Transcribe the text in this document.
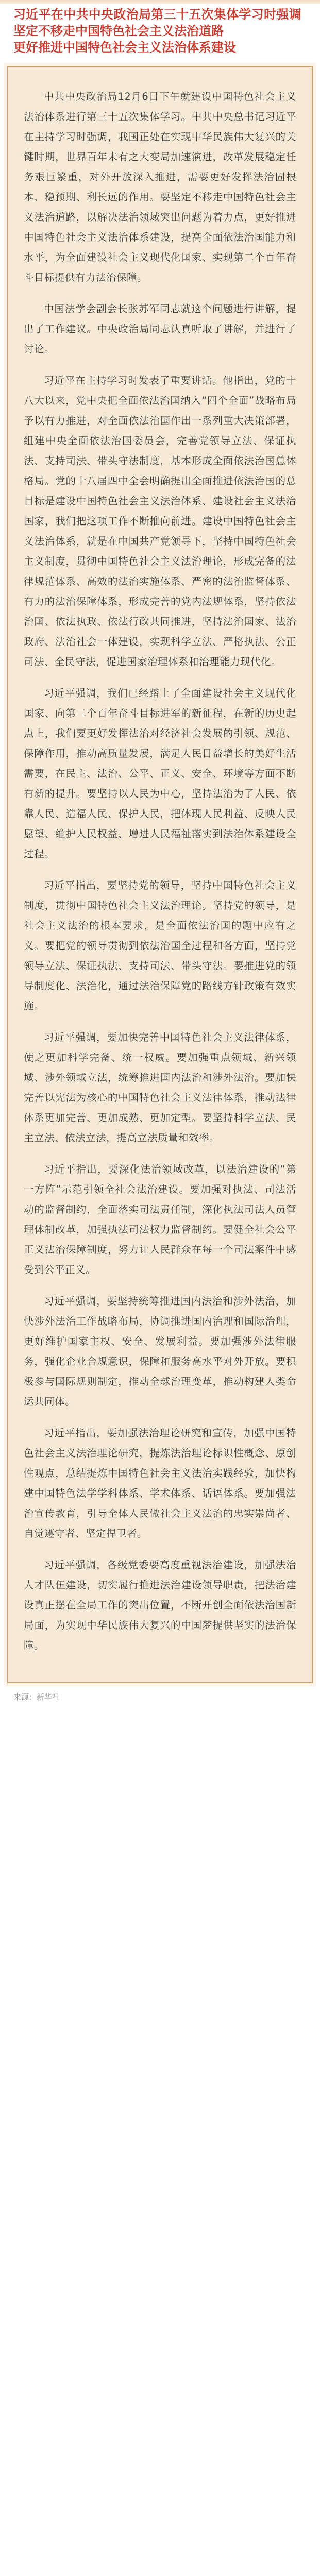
习近平在中共中央政治局第三十五次集体学习时强调
坚定不移走中国特色社会主义法治道路
更好推进中国特色社会主义法治体系建设

中共中央政治局12月6日下午就建设中国特色社会主义法治体系进行第三十五次集体学习。中共中央总书记习近平在主持学习时强调，我国正处在实现中华民族伟大复兴的关键时期，世界百年未有之大变局加速演进，改革发展稳定任务艰巨繁重，对外开放深入推进，需要更好发挥法治固根本、稳预期、利长远的作用。要坚定不移走中国特色社会主义法治道路，以解决法治领域突出问题为着力点，更好推进中国特色社会主义法治体系建设，提高全面依法治国能力和水平，为全面建设社会主义现代化国家、实现第二个百年奋斗目标提供有力法治保障。

中国法学会副会长张苏军同志就这个问题进行讲解，提出了工作建议。中央政治局同志认真听取了讲解，并进行了讨论。

习近平在主持学习时发表了重要讲话。他指出，党的十八大以来，党中央把全面依法治国纳入“四个全面”战略布局予以有力推进，对全面依法治国作出一系列重大决策部署，组建中央全面依法治国委员会，完善党领导立法、保证执法、支持司法、带头守法制度，基本形成全面依法治国总体格局。党的十八届四中全会明确提出全面推进依法治国的总目标是建设中国特色社会主义法治体系、建设社会主义法治国家，我们把这项工作不断推向前进。建设中国特色社会主义法治体系，就是在中国共产党领导下，坚持中国特色社会主义制度，贯彻中国特色社会主义法治理论，形成完备的法律规范体系、高效的法治实施体系、严密的法治监督体系、有力的法治保障体系，形成完善的党内法规体系，坚持依法治国、依法执政、依法行政共同推进，坚持法治国家、法治政府、法治社会一体建设，实现科学立法、严格执法、公正司法、全民守法，促进国家治理体系和治理能力现代化。

习近平强调，我们已经踏上了全面建设社会主义现代化国家、向第二个百年奋斗目标进军的新征程，在新的历史起点上，我们要更好发挥法治对经济社会发展的引领、规范、保障作用，推动高质量发展，满足人民日益增长的美好生活需要，在民主、法治、公平、正义、安全、环境等方面不断有新的提升。要坚持以人民为中心，坚持法治为了人民、依靠人民、造福人民、保护人民，把体现人民利益、反映人民愿望、维护人民权益、增进人民福祉落实到法治体系建设全过程。

习近平指出，要坚持党的领导，坚持中国特色社会主义制度，贯彻中国特色社会主义法治理论。坚持党的领导，是社会主义法治的根本要求，是全面依法治国的题中应有之义。要把党的领导贯彻到依法治国全过程和各方面，坚持党领导立法、保证执法、支持司法、带头守法。要推进党的领导制度化、法治化，通过法治保障党的路线方针政策有效实施。

习近平强调，要加快完善中国特色社会主义法律体系，使之更加科学完备、统一权威。要加强重点领域、新兴领域、涉外领域立法，统筹推进国内法治和涉外法治。要加快完善以宪法为核心的中国特色社会主义法律体系，推动法律体系更加完善、更加成熟、更加定型。要坚持科学立法、民主立法、依法立法，提高立法质量和效率。

习近平指出，要深化法治领域改革，以法治建设的“第一方阵”示范引领全社会法治建设。要加强对执法、司法活动的监督制约，全面落实司法责任制，深化执法司法人员管理体制改革，加强执法司法权力监督制约。要健全社会公平正义法治保障制度，努力让人民群众在每一个司法案件中感受到公平正义。

习近平强调，要坚持统筹推进国内法治和涉外法治，加快涉外法治工作战略布局，协调推进国内治理和国际治理，更好维护国家主权、安全、发展利益。要加强涉外法律服务，强化企业合规意识，保障和服务高水平对外开放。要积极参与国际规则制定，推动全球治理变革，推动构建人类命运共同体。

习近平指出，要加强法治理论研究和宣传，加强中国特色社会主义法治理论研究，提炼法治理论标识性概念、原创性观点，总结提炼中国特色社会主义法治实践经验，加快构建中国特色法学学科体系、学术体系、话语体系。要加强法治宣传教育，引导全体人民做社会主义法治的忠实崇尚者、自觉遵守者、坚定捍卫者。

习近平强调，各级党委要高度重视法治建设，加强法治人才队伍建设，切实履行推进法治建设领导职责，把法治建设真正摆在全局工作的突出位置，不断开创全面依法治国新局面，为实现中华民族伟大复兴的中国梦提供坚实的法治保障。

来源：新华社
